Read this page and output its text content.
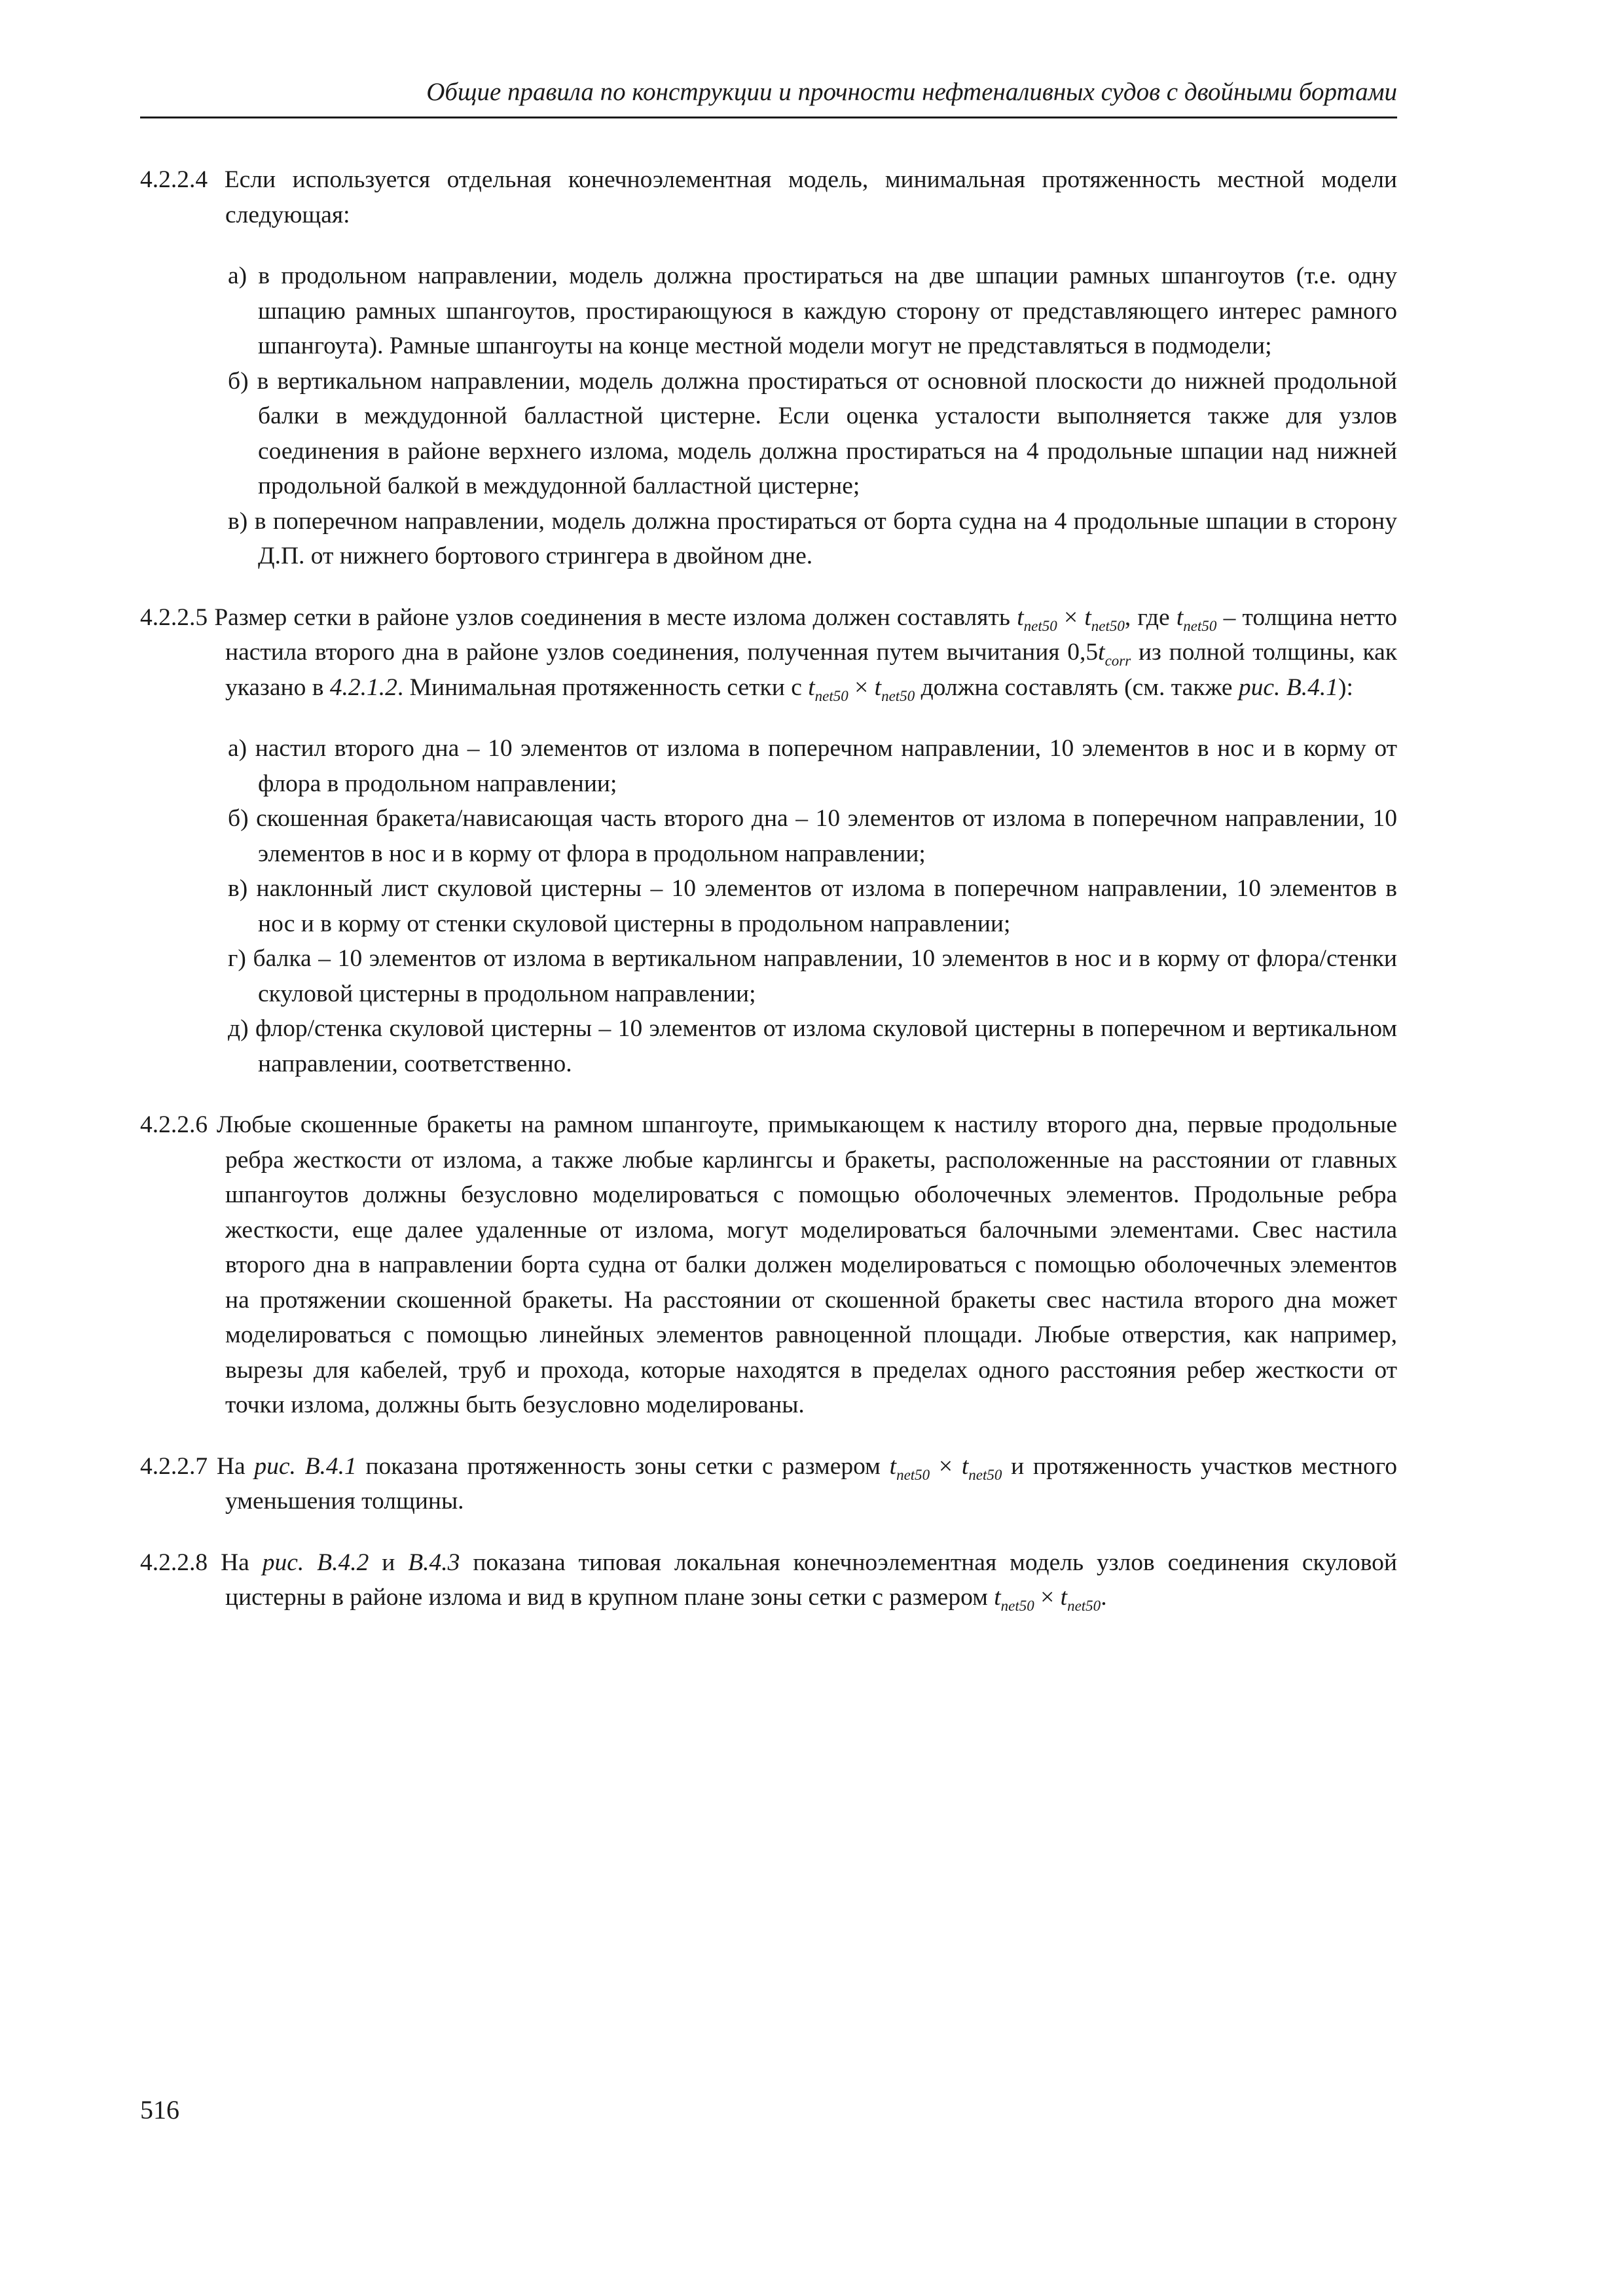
Общие правила по конструкции и прочности нефтеналивных судов с двойными бортами

4.2.2.4 Если используется отдельная конечноэлементная модель, минимальная протяженность местной модели следующая:

а) в продольном направлении, модель должна простираться на две шпации рамных шпангоутов (т.е. одну шпацию рамных шпангоутов, простирающуюся в каждую сторону от представляющего интерес рамного шпангоута). Рамные шпангоуты на конце местной модели могут не представляться в подмодели;

б) в вертикальном направлении, модель должна простираться от основной плоскости до нижней продольной балки в междудонной балластной цистерне. Если оценка усталости выполняется также для узлов соединения в районе верхнего излома, модель должна простираться на 4 продольные шпации над нижней продольной балкой в междудонной балластной цистерне;

в) в поперечном направлении, модель должна простираться от борта судна на 4 продольные шпации в сторону Д.П. от нижнего бортового стрингера в двойном дне.

4.2.2.5 Размер сетки в районе узлов соединения в месте излома должен составлять $t_{net50} \times t_{net50}$, где $t_{net50}$ – толщина нетто настила второго дна в районе узлов соединения, полученная путем вычитания $0,5t_{corr}$ из полной толщины, как указано в 4.2.1.2. Минимальная протяженность сетки с $t_{net50} \times t_{net50}$ должна составлять (см. также рис. B.4.1):

а) настил второго дна – 10 элементов от излома в поперечном направлении, 10 элементов в нос и в корму от флора в продольном направлении;

б) скошенная бракета/нависающая часть второго дна – 10 элементов от излома в поперечном направлении, 10 элементов в нос и в корму от флора в продольном направлении;

в) наклонный лист скуловой цистерны – 10 элементов от излома в поперечном направлении, 10 элементов в нос и в корму от стенки скуловой цистерны в продольном направлении;

г) балка – 10 элементов от излома в вертикальном направлении, 10 элементов в нос и в корму от флора/стенки скуловой цистерны в продольном направлении;

д) флор/стенка скуловой цистерны – 10 элементов от излома скуловой цистерны в поперечном и вертикальном направлении, соответственно.

4.2.2.6 Любые скошенные бракеты на рамном шпангоуте, примыкающем к настилу второго дна, первые продольные ребра жесткости от излома, а также любые карлингсы и бракеты, расположенные на расстоянии от главных шпангоутов должны безусловно моделироваться с помощью оболочечных элементов. Продольные ребра жесткости, еще далее удаленные от излома, могут моделироваться балочными элементами. Свес настила второго дна в направлении борта судна от балки должен моделироваться с помощью оболочечных элементов на протяжении скошенной бракеты. На расстоянии от скошенной бракеты свес настила второго дна может моделироваться с помощью линейных элементов равноценной площади. Любые отверстия, как например, вырезы для кабелей, труб и прохода, которые находятся в пределах одного расстояния ребер жесткости от точки излома, должны быть безусловно моделированы.

4.2.2.7 На рис. B.4.1 показана протяженность зоны сетки с размером $t_{net50} \times t_{net50}$ и протяженность участков местного уменьшения толщины.

4.2.2.8 На рис. B.4.2 и B.4.3 показана типовая локальная конечноэлементная модель узлов соединения скуловой цистерны в районе излома и вид в крупном плане зоны сетки с размером $t_{net50} \times t_{net50}$.

516
